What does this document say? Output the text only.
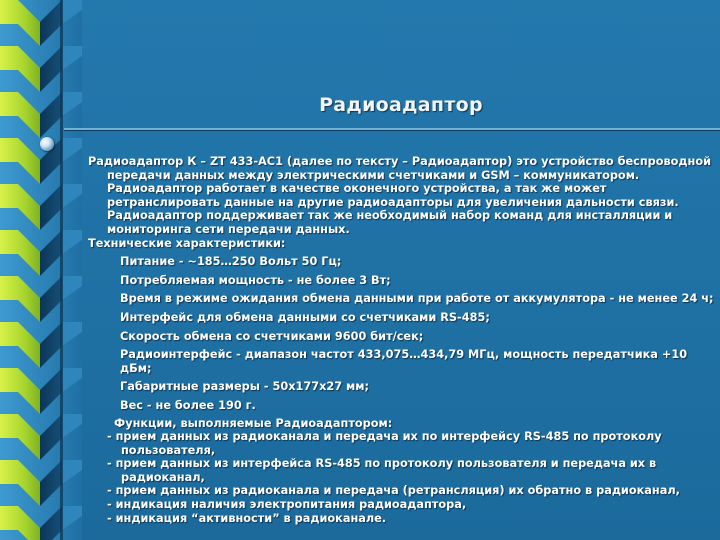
Радиоадаптор

Радиоадаптор К – ZT 433-AC1 (далее по тексту – Радиоадаптор) это устройство беспроводной передачи данных между электрическими счетчиками и GSM – коммуникатором. Радиоадаптор работает в качестве оконечного устройства, а так же может ретранслировать данные на другие радиоадапторы для увеличения дальности связи. Радиоадаптор поддерживает так же необходимый набор команд для инсталляции и мониторинга сети передачи данных.

Технические характеристики:

Питание - ~185…250 Вольт 50 Гц;

Потребляемая мощность - не более 3 Вт;

Время в режиме ожидания обмена данными при работе от аккумулятора - не менее 24 ч;

Интерфейс для обмена данными со счетчиками RS-485;

Скорость обмена со счетчиками 9600 бит/сек;

Радиоинтерфейс - диапазон частот 433,075…434,79 МГц, мощность передатчика +10 дБм;

Габаритные размеры - 50х177х27 мм;

Вес - не более 190 г.

Функции, выполняемые Радиоадаптором:

- прием данных из радиоканала и передача их по интерфейсу RS-485 по протоколу пользователя,

- прием данных из интерфейса RS-485 по протоколу пользователя и передача их в радиоканал,

- прием данных из радиоканала и передача (ретрансляция) их обратно в радиоканал,

- индикация наличия электропитания радиоадаптора,

- индикация “активности” в радиоканале.
